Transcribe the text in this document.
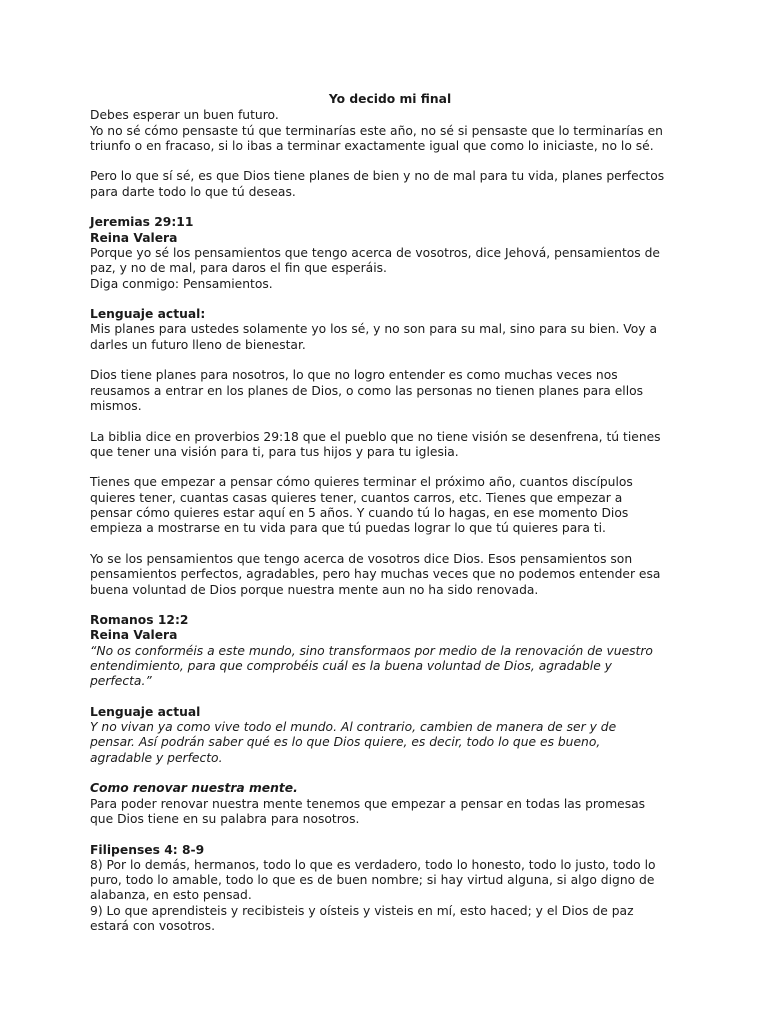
Yo decido mi final
Debes esperar un buen futuro.
Yo no sé cómo pensaste tú que terminarías este año, no sé si pensaste que lo terminarías en
triunfo o en fracaso, si lo ibas a terminar exactamente igual que como lo iniciaste, no lo sé.
Pero lo que sí sé, es que Dios tiene planes de bien y no de mal para tu vida, planes perfectos
para darte todo lo que tú deseas.
Jeremias 29:11
Reina Valera
Porque yo sé los pensamientos que tengo acerca de vosotros, dice Jehová, pensamientos de
paz, y no de mal, para daros el fin que esperáis.
Diga conmigo: Pensamientos.
Lenguaje actual:
Mis planes para ustedes solamente yo los sé, y no son para su mal, sino para su bien. Voy a
darles un futuro lleno de bienestar.
Dios tiene planes para nosotros, lo que no logro entender es como muchas veces nos
reusamos a entrar en los planes de Dios, o como las personas no tienen planes para ellos
mismos.
La biblia dice en proverbios 29:18 que el pueblo que no tiene visión se desenfrena, tú tienes
que tener una visión para ti, para tus hijos y para tu iglesia.
Tienes que empezar a pensar cómo quieres terminar el próximo año, cuantos discípulos
quieres tener, cuantas casas quieres tener, cuantos carros, etc. Tienes que empezar a
pensar cómo quieres estar aquí en 5 años. Y cuando tú lo hagas, en ese momento Dios
empieza a mostrarse en tu vida para que tú puedas lograr lo que tú quieres para ti.
Yo se los pensamientos que tengo acerca de vosotros dice Dios. Esos pensamientos son
pensamientos perfectos, agradables, pero hay muchas veces que no podemos entender esa
buena voluntad de Dios porque nuestra mente aun no ha sido renovada.
Romanos 12:2
Reina Valera
“No os conforméis a este mundo, sino transformaos por medio de la renovación de vuestro
entendimiento, para que comprobéis cuál es la buena voluntad de Dios, agradable y
perfecta.”
Lenguaje actual
Y no vivan ya como vive todo el mundo. Al contrario, cambien de manera de ser y de
pensar. Así podrán saber qué es lo que Dios quiere, es decir, todo lo que es bueno,
agradable y perfecto.
Como renovar nuestra mente.
Para poder renovar nuestra mente tenemos que empezar a pensar en todas las promesas
que Dios tiene en su palabra para nosotros.
Filipenses 4: 8-9
8) Por lo demás, hermanos, todo lo que es verdadero, todo lo honesto, todo lo justo, todo lo
puro, todo lo amable, todo lo que es de buen nombre; si hay virtud alguna, si algo digno de
alabanza, en esto pensad.
9) Lo que aprendisteis y recibisteis y oísteis y visteis en mí, esto haced; y el Dios de paz
estará con vosotros.
